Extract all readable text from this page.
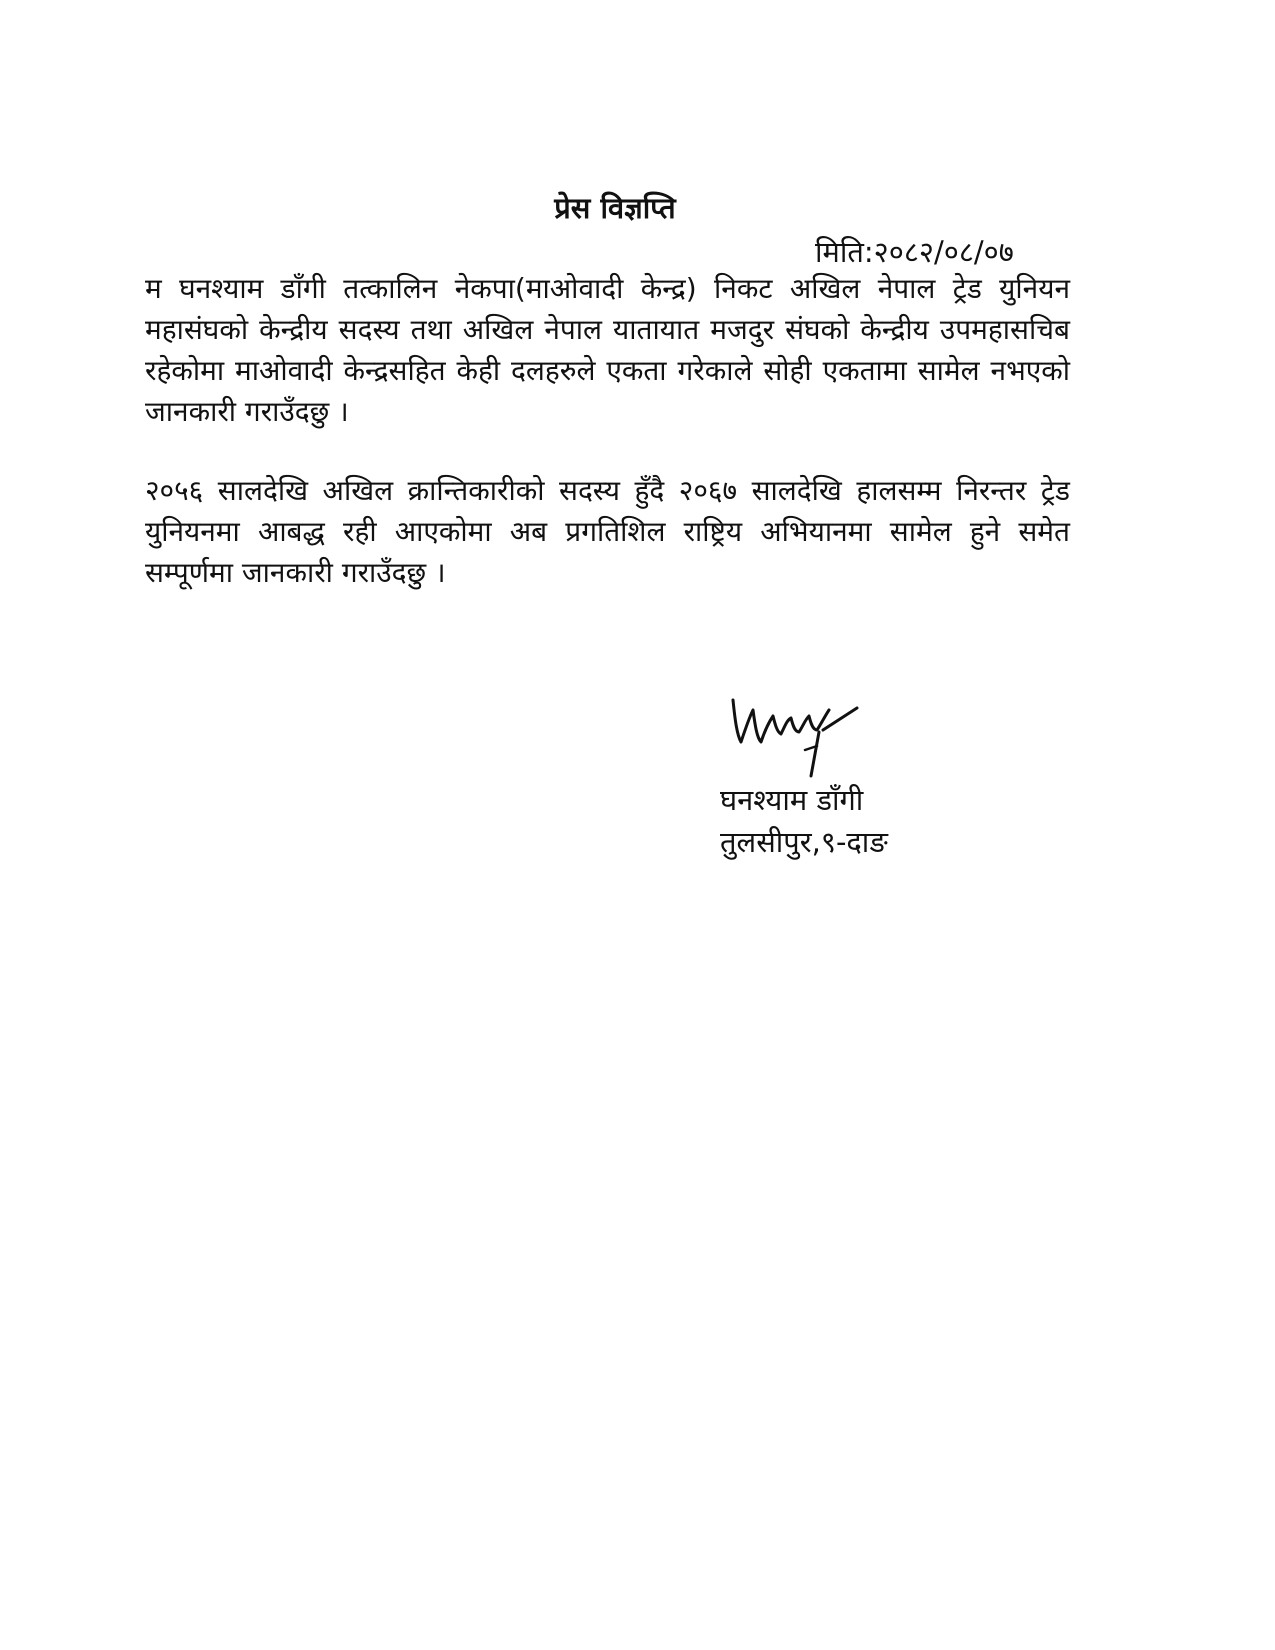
प्रेस विज्ञप्ति
मिति:२०८२/०८/०७

म घनश्याम डाँगी तत्कालिन नेकपा(माओवादी केन्द्र) निकट अखिल नेपाल ट्रेड युनियन महासंघको केन्द्रीय सदस्य तथा अखिल नेपाल यातायात मजदुर संघको केन्द्रीय उपमहासचिब रहेकोमा माओवादी केन्द्रसहित केही दलहरुले एकता गरेकाले सोही एकतामा सामेल नभएको जानकारी गराउँदछु ।

२०५६ सालदेखि अखिल क्रान्तिकारीको सदस्य हुँदै २०६७ सालदेखि हालसम्म निरन्तर ट्रेड युनियनमा आबद्ध रही आएकोमा अब प्रगतिशिल राष्ट्रिय अभियानमा सामेल हुने समेत सम्पूर्णमा जानकारी गराउँदछु ।

घनश्याम डाँगी
तुलसीपुर,९-दाङ
